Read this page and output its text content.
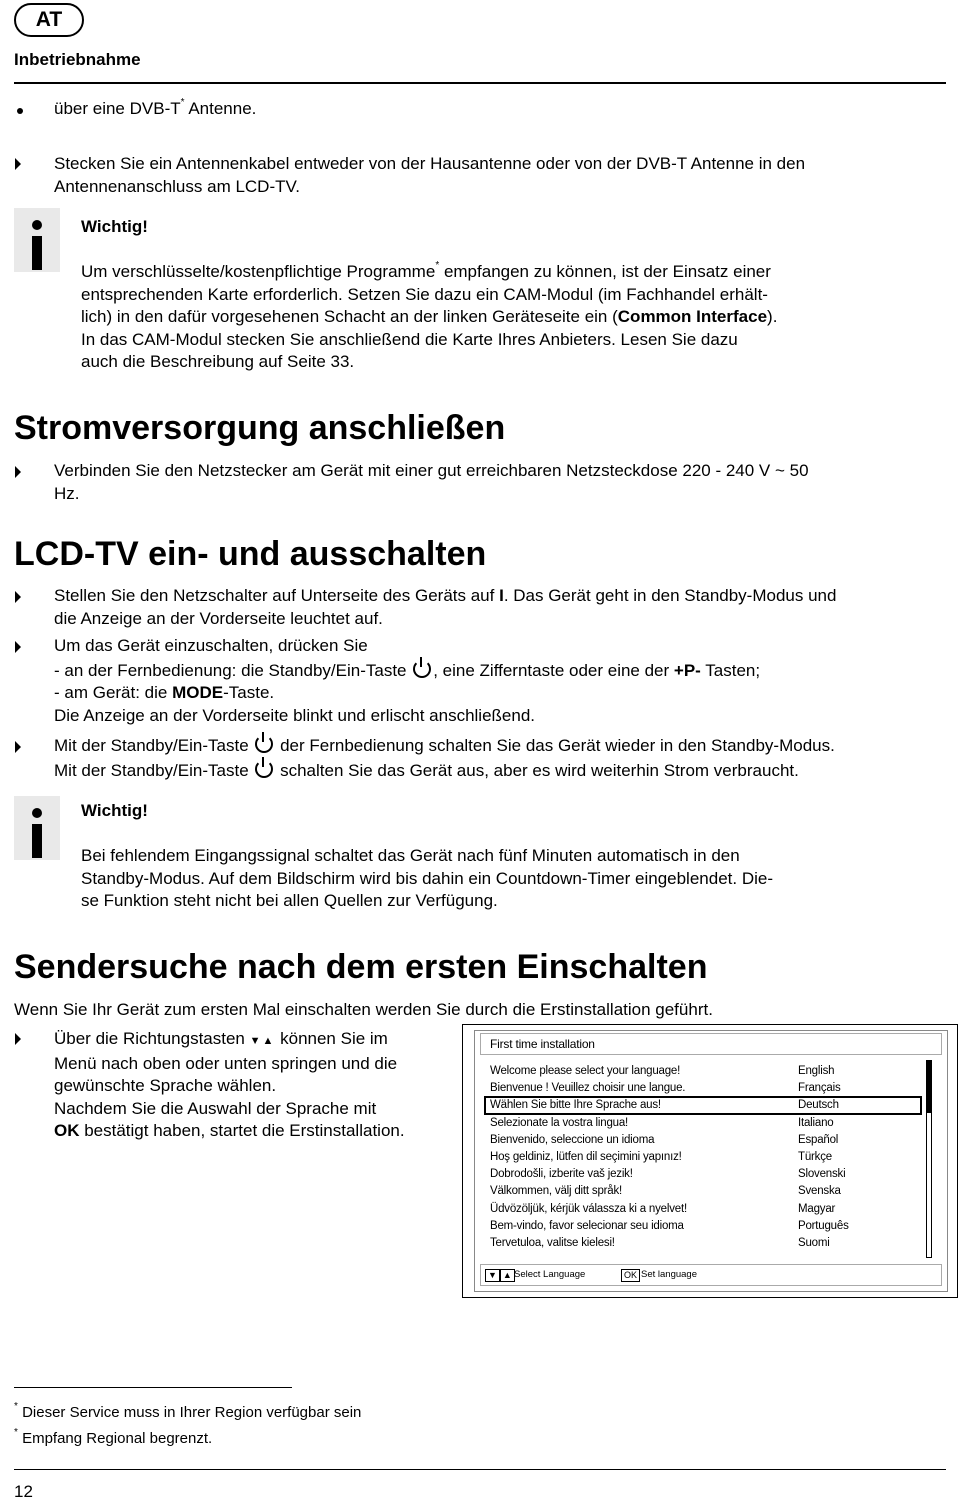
AT
Inbetriebnahme
über eine DVB-T* Antenne.
Stecken Sie ein Antennenkabel entweder von der Hausantenne oder von der DVB-T Antenne in den
Antennenanschluss am LCD-TV.
Wichtig!
Um verschlüsselte/kostenpflichtige Programme* empfangen zu können, ist der Einsatz einer
entsprechenden Karte erforderlich. Setzen Sie dazu ein CAM-Modul (im Fachhandel erhält-
lich) in den dafür vorgesehenen Schacht an der linken Geräteseite ein (Common Interface).
In das CAM-Modul stecken Sie anschließend die Karte Ihres Anbieters. Lesen Sie dazu
auch die Beschreibung auf Seite 33.
Stromversorgung anschließen
Verbinden Sie den Netzstecker am Gerät mit einer gut erreichbaren Netzsteckdose 220 - 240 V ~ 50
Hz.
LCD-TV ein- und ausschalten
Stellen Sie den Netzschalter auf Unterseite des Geräts auf I. Das Gerät geht in den Standby-Modus und
die Anzeige an der Vorderseite leuchtet auf.
Um das Gerät einzuschalten, drücken Sie
- an der Fernbedienung: die Standby/Ein-Taste , eine Zifferntaste oder eine der +P- Tasten;
- am Gerät: die MODE-Taste.
Die Anzeige an der Vorderseite blinkt und erlischt anschließend.
Mit der Standby/Ein-Taste  der Fernbedienung schalten Sie das Gerät wieder in den Standby-Modus.
Mit der Standby/Ein-Taste  schalten Sie das Gerät aus, aber es wird weiterhin Strom verbraucht.
Wichtig!
Bei fehlendem Eingangssignal schaltet das Gerät nach fünf Minuten automatisch in den
Standby-Modus. Auf dem Bildschirm wird bis dahin ein Countdown-Timer eingeblendet. Die-
se Funktion steht nicht bei allen Quellen zur Verfügung.
Sendersuche nach dem ersten Einschalten
Wenn Sie Ihr Gerät zum ersten Mal einschalten werden Sie durch die Erstinstallation geführt.
Über die Richtungstasten ▼▲ können Sie im
Menü nach oben oder unten springen und die
gewünschte Sprache wählen.
Nachdem Sie die Auswahl der Sprache mit
OK bestätigt haben, startet die Erstinstallation.
First time installation
Welcome please select your language!	English
Bienvenue ! Veuillez choisir une langue.	Français
Wählen Sie bitte Ihre Sprache aus!	Deutsch
Selezionate la vostra lingua!	Italiano
Bienvenido, seleccione un idioma	Español
Hoş geldiniz, lütfen dil seçimini yapınız!	Türkçe
Dobrodošli, izberite vaš jezik!	Slovenski
Välkommen, välj ditt språk!	Svenska
Üdvözöljük, kérjük válassza ki a nyelvet!	Magyar
Bem-vindo, favor selecionar seu idioma	Português
Tervetuloa, valitse kielesi!	Suomi
▼ ▲ Select Language	OK Set language
* Dieser Service muss in Ihrer Region verfügbar sein
* Empfang Regional begrenzt.
12
